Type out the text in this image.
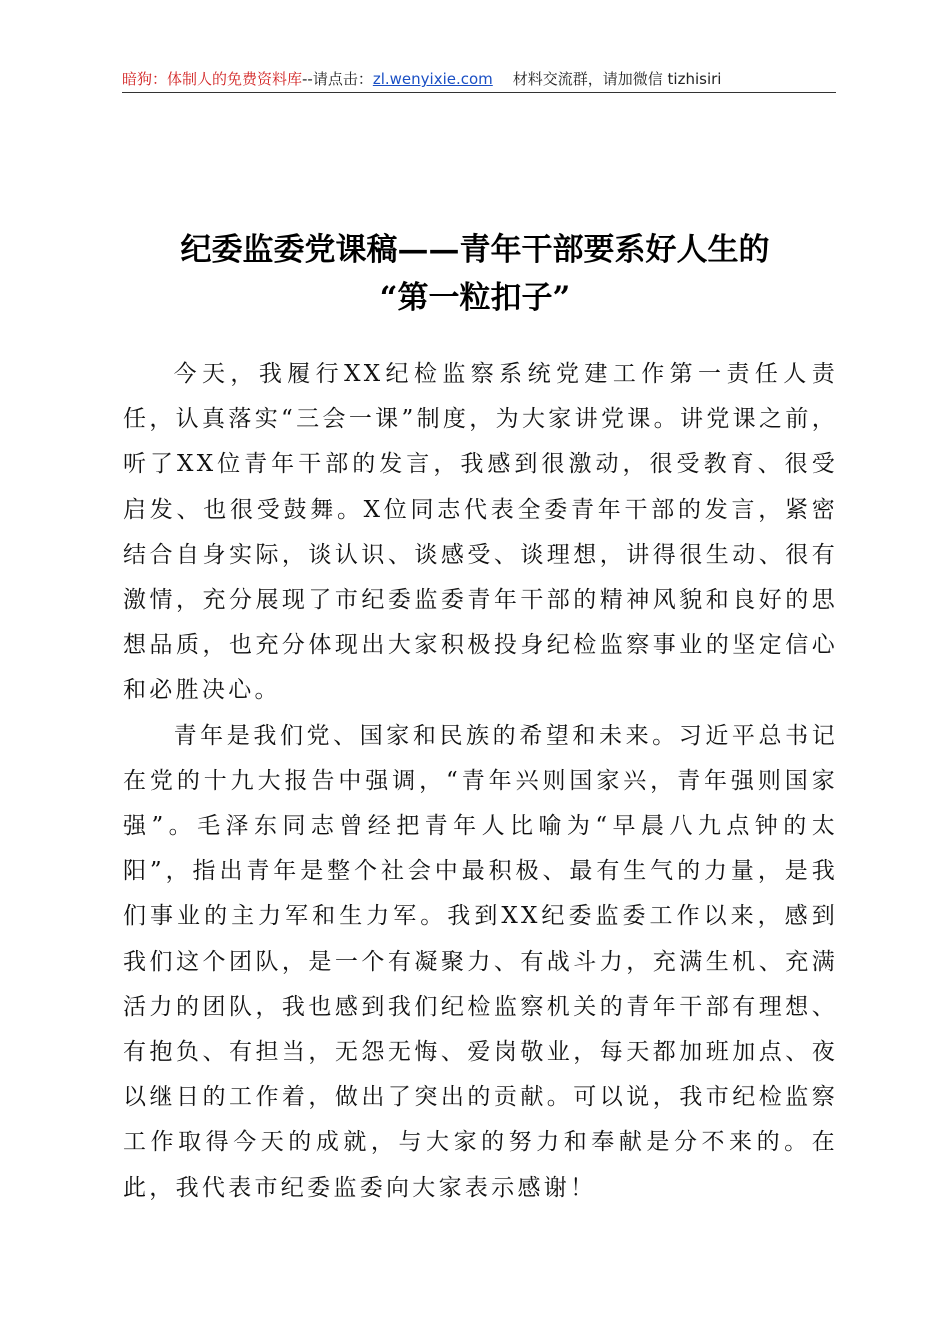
暗狗：体制人的免费资料库--请点击：zl.wenyixie.com 材料交流群，请加微信 tizhisiri
纪委监委党课稿——青年干部要系好人生的
“第一粒扣子”

今天，我履行XX纪检监察系统党建工作第一责任人责任，认真落实“三会一课”制度，为大家讲党课。讲党课之前，听了XX位青年干部的发言，我感到很激动，很受教育、很受启发、也很受鼓舞。X位同志代表全委青年干部的发言，紧密结合自身实际，谈认识、谈感受、谈理想，讲得很生动、很有激情，充分展现了市纪委监委青年干部的精神风貌和良好的思想品质，也充分体现出大家积极投身纪检监察事业的坚定信心和必胜决心。

青年是我们党、国家和民族的希望和未来。习近平总书记在党的十九大报告中强调，“青年兴则国家兴，青年强则国家强”。毛泽东同志曾经把青年人比喻为“早晨八九点钟的太阳”，指出青年是整个社会中最积极、最有生气的力量，是我们事业的主力军和生力军。我到XX纪委监委工作以来，感到我们这个团队，是一个有凝聚力、有战斗力，充满生机、充满活力的团队，我也感到我们纪检监察机关的青年干部有理想、有抱负、有担当，无怨无悔、爱岗敬业，每天都加班加点、夜以继日的工作着，做出了突出的贡献。可以说，我市纪检监察工作取得今天的成就，与大家的努力和奉献是分不来的。在此，我代表市纪委监委向大家表示感谢！
